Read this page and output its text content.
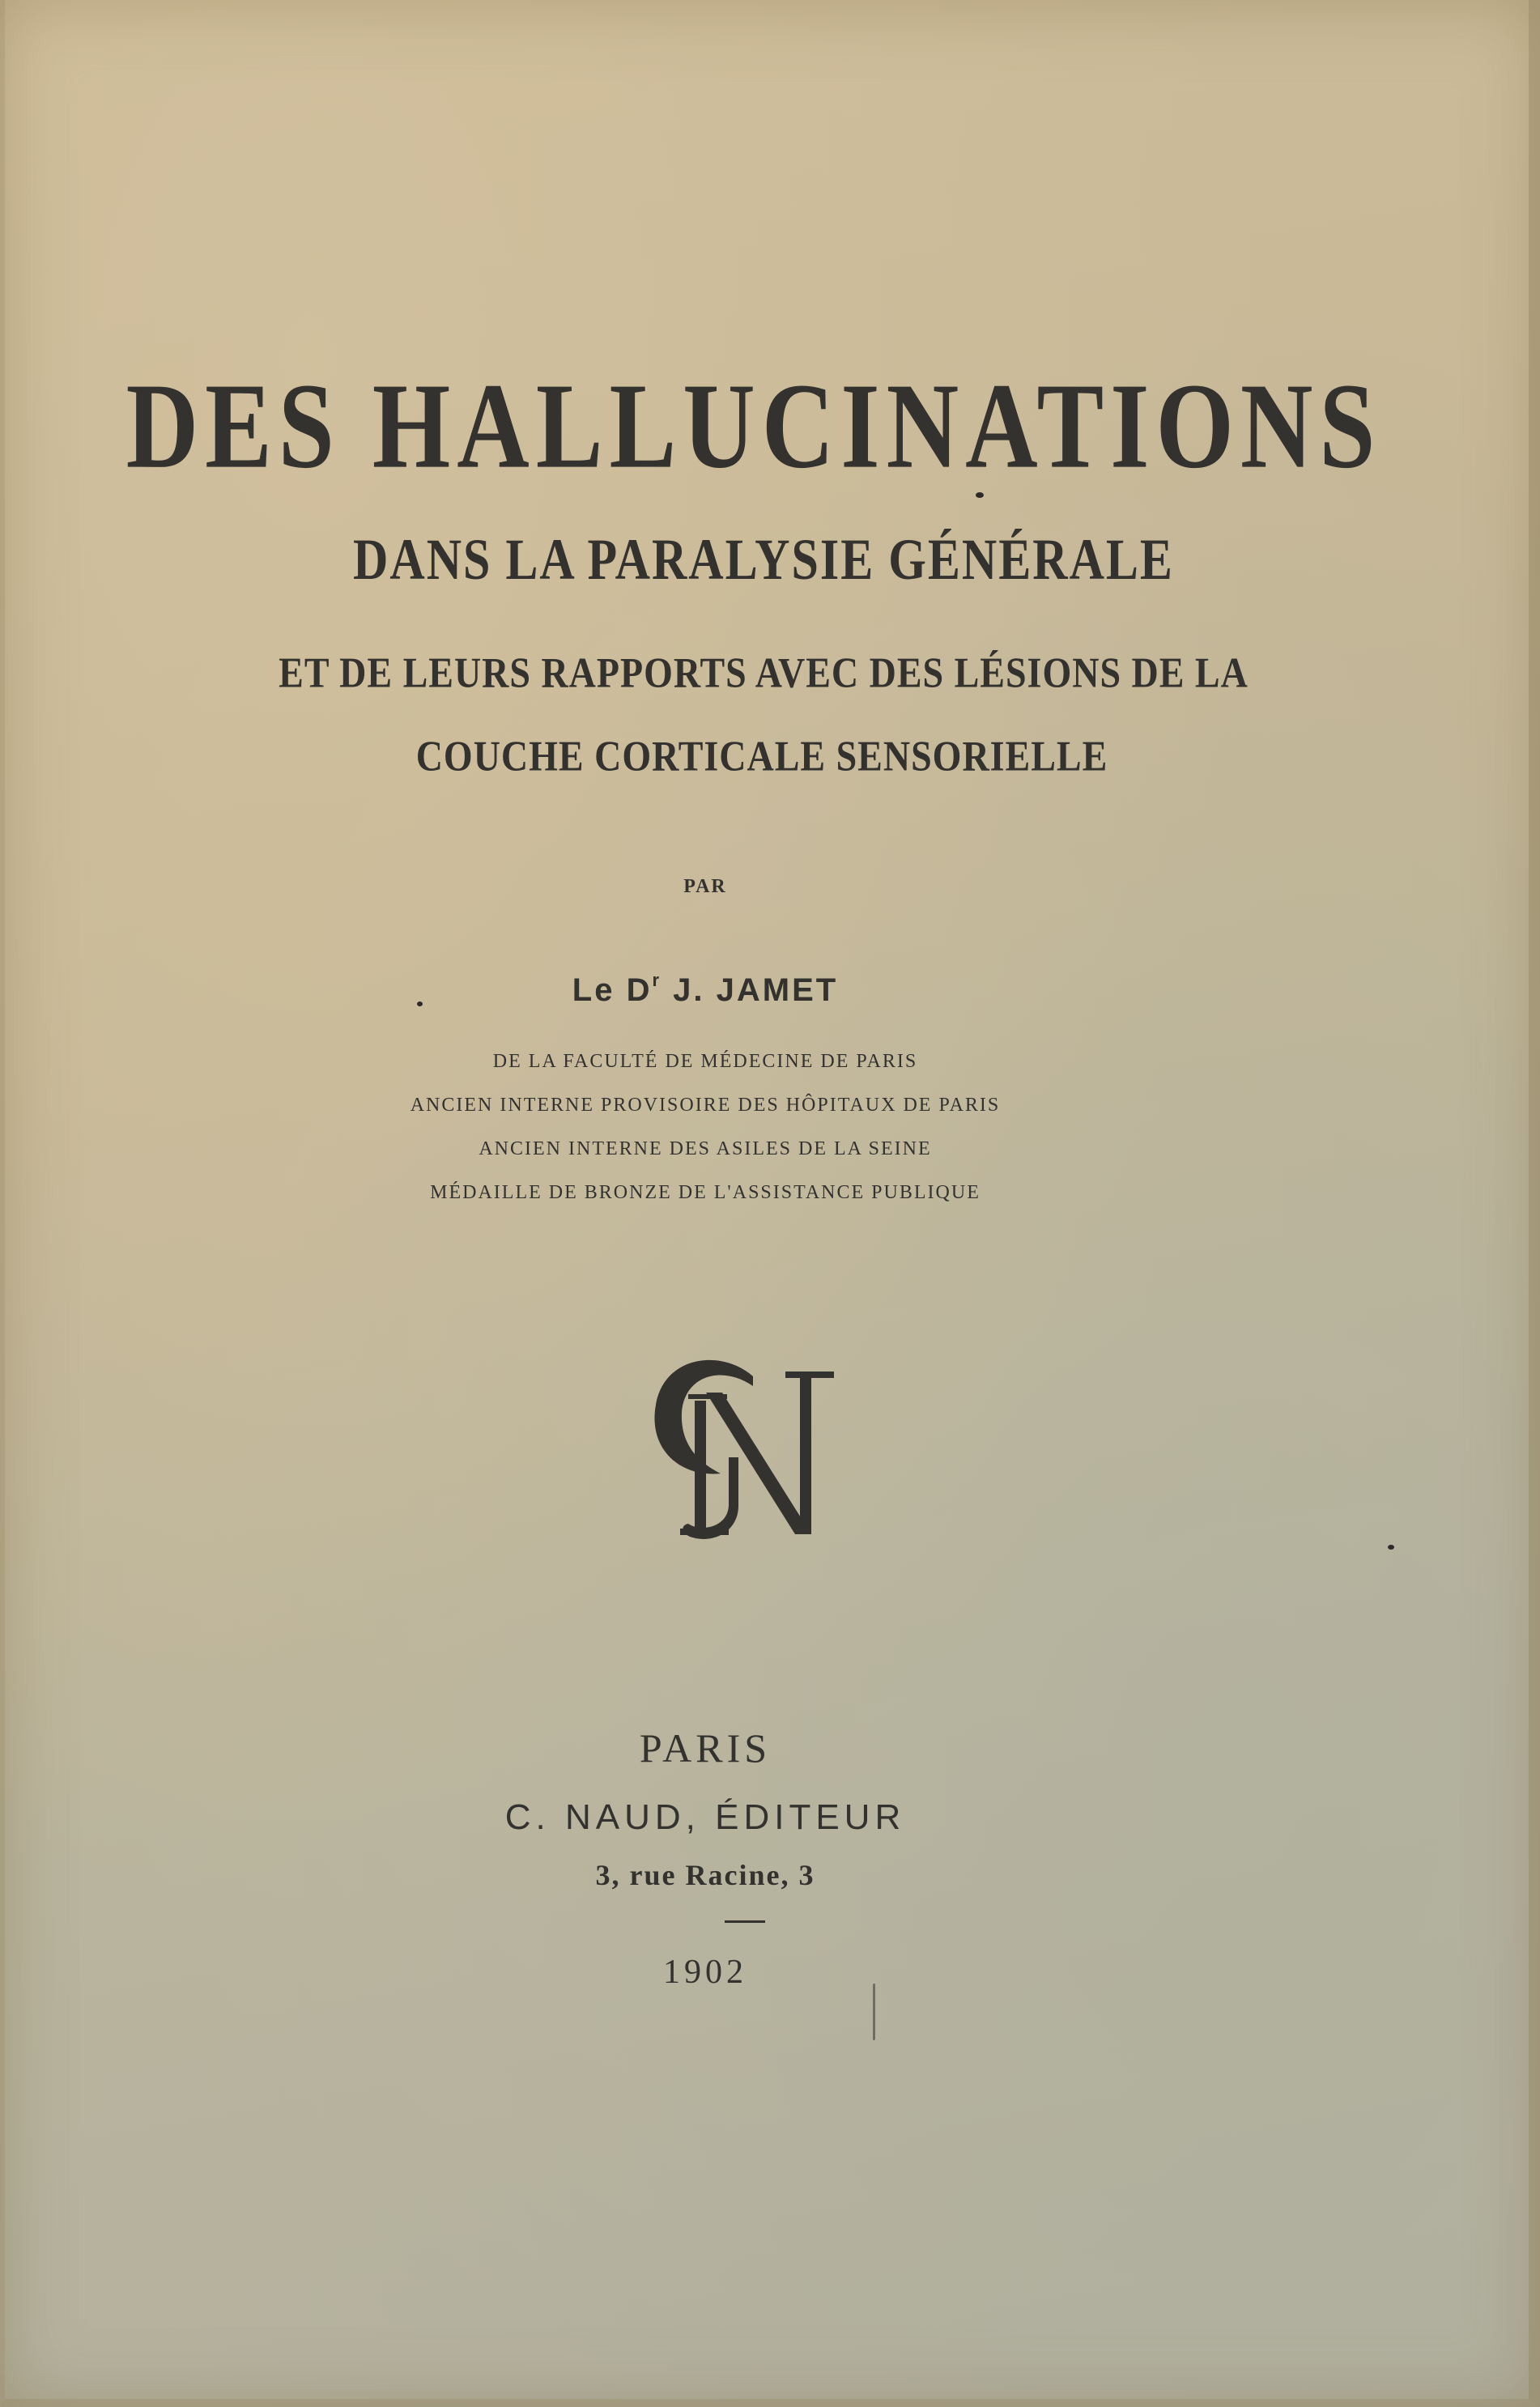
DES HALLUCINATIONS
DANS LA PARALYSIE GÉNÉRALE

ET DE LEURS RAPPORTS AVEC DES LÉSIONS DE LA

COUCHE CORTICALE SENSORIELLE

PAR

Le $D^r$ J. JAMET

DE LA FACULTÉ DE MÉDECINE DE PARIS

ANCIEN INTERNE PROVISOIRE DES HÔPITAUX DE PARIS

ANCIEN INTERNE DES ASILES DE LA SEINE

MÉDAILLE DE BRONZE DE L'ASSISTANCE PUBLIQUE

PARIS

C. NAUD, ÉDITEUR

3, rue Racine, 3

1902
